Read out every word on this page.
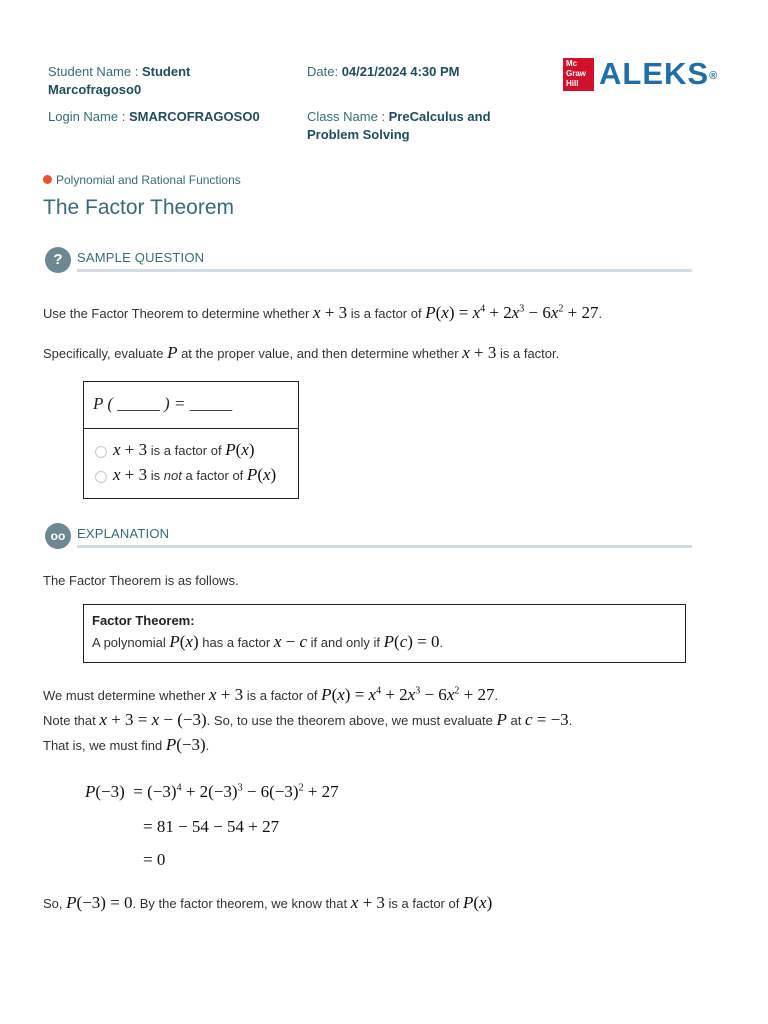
Student Name : Student
Marcofragoso0
Date: 04/21/2024 4:30 PM
Login Name : SMARCOFRAGOSO0	Class Name : PreCalculus and
Problem Solving
Mc
Graw
Hill ALEKS®
Polynomial and Rational Functions
The Factor Theorem
?	SAMPLE QUESTION
Use the Factor Theorem to determine whether x + 3 is a factor of $P(x) = x^4 + 2x^3 - 6x^2 + 27$.
Specifically, evaluate P at the proper value, and then determine whether x + 3 is a factor.
P ( _____ ) = _____
x + 3 is a factor of P(x)
x + 3 is not a factor of P(x)
oo EXPLANATION
The Factor Theorem is as follows.
Factor Theorem:
A polynomial P(x) has a factor x − c if and only if P(c) = 0.
We must determine whether x + 3 is a factor of $P(x) = x^4 + 2x^3 - 6x^2 + 27$.
Note that x + 3 = x − (−3). So, to use the theorem above, we must evaluate P at c = −3.
That is, we must find P(−3).
$P(-3) = (-3)^4 + 2(-3)^3 - 6(-3)^2 + 27$
= 81 − 54 − 54 + 27
= 0
So, P(−3) = 0. By the factor theorem, we know that x + 3 is a factor of P(x)
